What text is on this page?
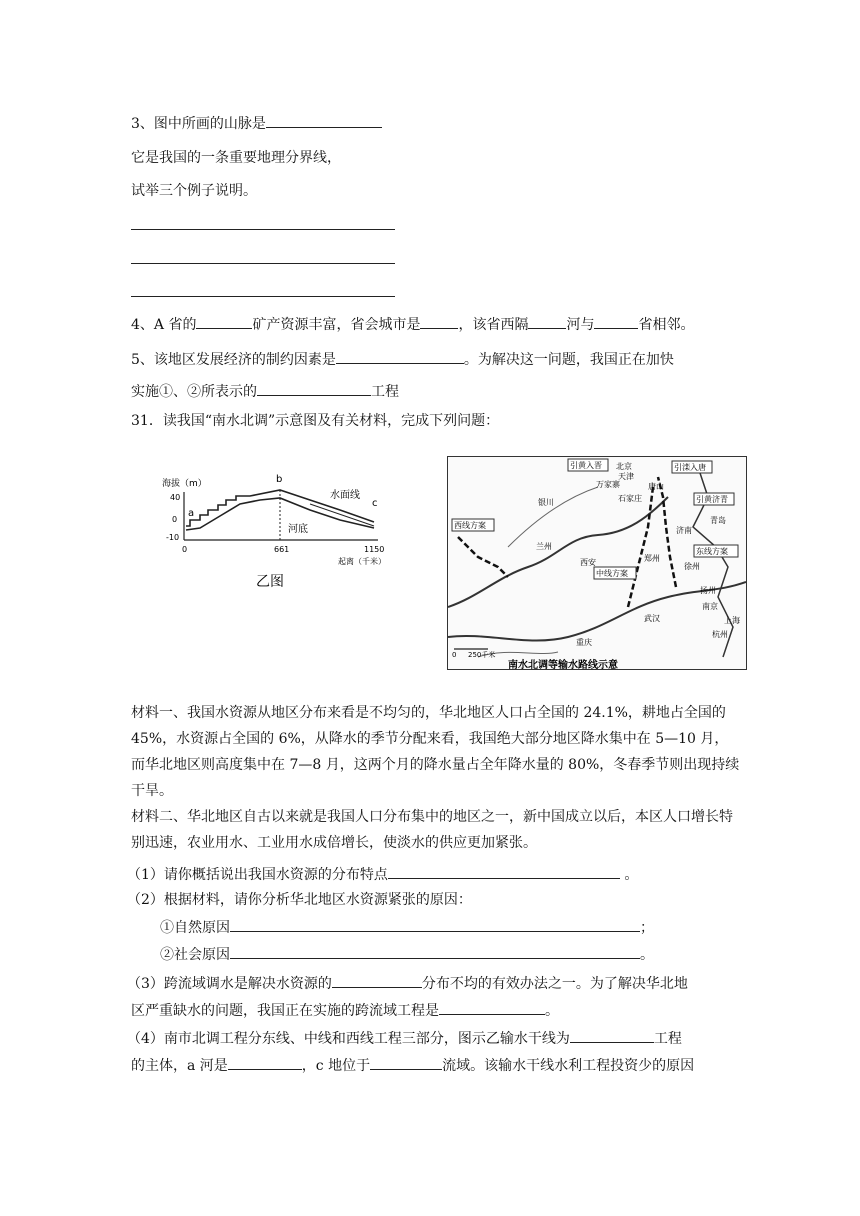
3、图中所画的山脉是
它是我国的一条重要地理分界线，
试举三个例子说明。
4、A 省的	矿产资源丰富，省会城市是	，该省西隔	河与	省相邻。
5、该地区发展经济的制约因素是	。为解决这一问题，我国正在加快
实施①、②所表示的	工程
31．读我国“南水北调”示意图及有关材料，完成下列问题：
海拔（m）
40
0
-10
b
a
c
水面线
河底
0	661	1150
起离（千米）
乙图
引黄入晋	引滦入唐
引黄济青
东线方案
西线方案
中线方案
北京
天津
万家寨
石家庄
唐山
济南
青岛
银川
兰州
西安	郑州
徐州
扬州
南京
上海
杭州
武汉
重庆
0 250千米
南水北调等输水路线示意
材料一、我国水资源从地区分布来看是不均匀的，华北地区人口占全国的 24.1%，耕地占全国的 45%，水资源占全国的 6%，从降水的季节分配来看，我国绝大部分地区降水集中在 5—10 月，而华北地区则高度集中在 7—8 月，这两个月的降水量占全年降水量的 80%，冬春季节则出现持续干旱。
材料二、华北地区自古以来就是我国人口分布集中的地区之一，新中国成立以后，本区人口增长特别迅速，农业用水、工业用水成倍增长，使淡水的供应更加紧张。
（1）请你概括说出我国水资源的分布特点	。
（2）根据材料，请你分析华北地区水资源紧张的原因：
①自然原因	；
②社会原因	。
（3）跨流域调水是解决水资源的	分布不均的有效办法之一。为了解决华北地
区严重缺水的问题，我国正在实施的跨流域工程是	。
（4）南市北调工程分东线、中线和西线工程三部分，图示乙输水干线为	工程
的主体，a 河是	，c 地位于	流域。该输水干线水利工程投资少的原因
